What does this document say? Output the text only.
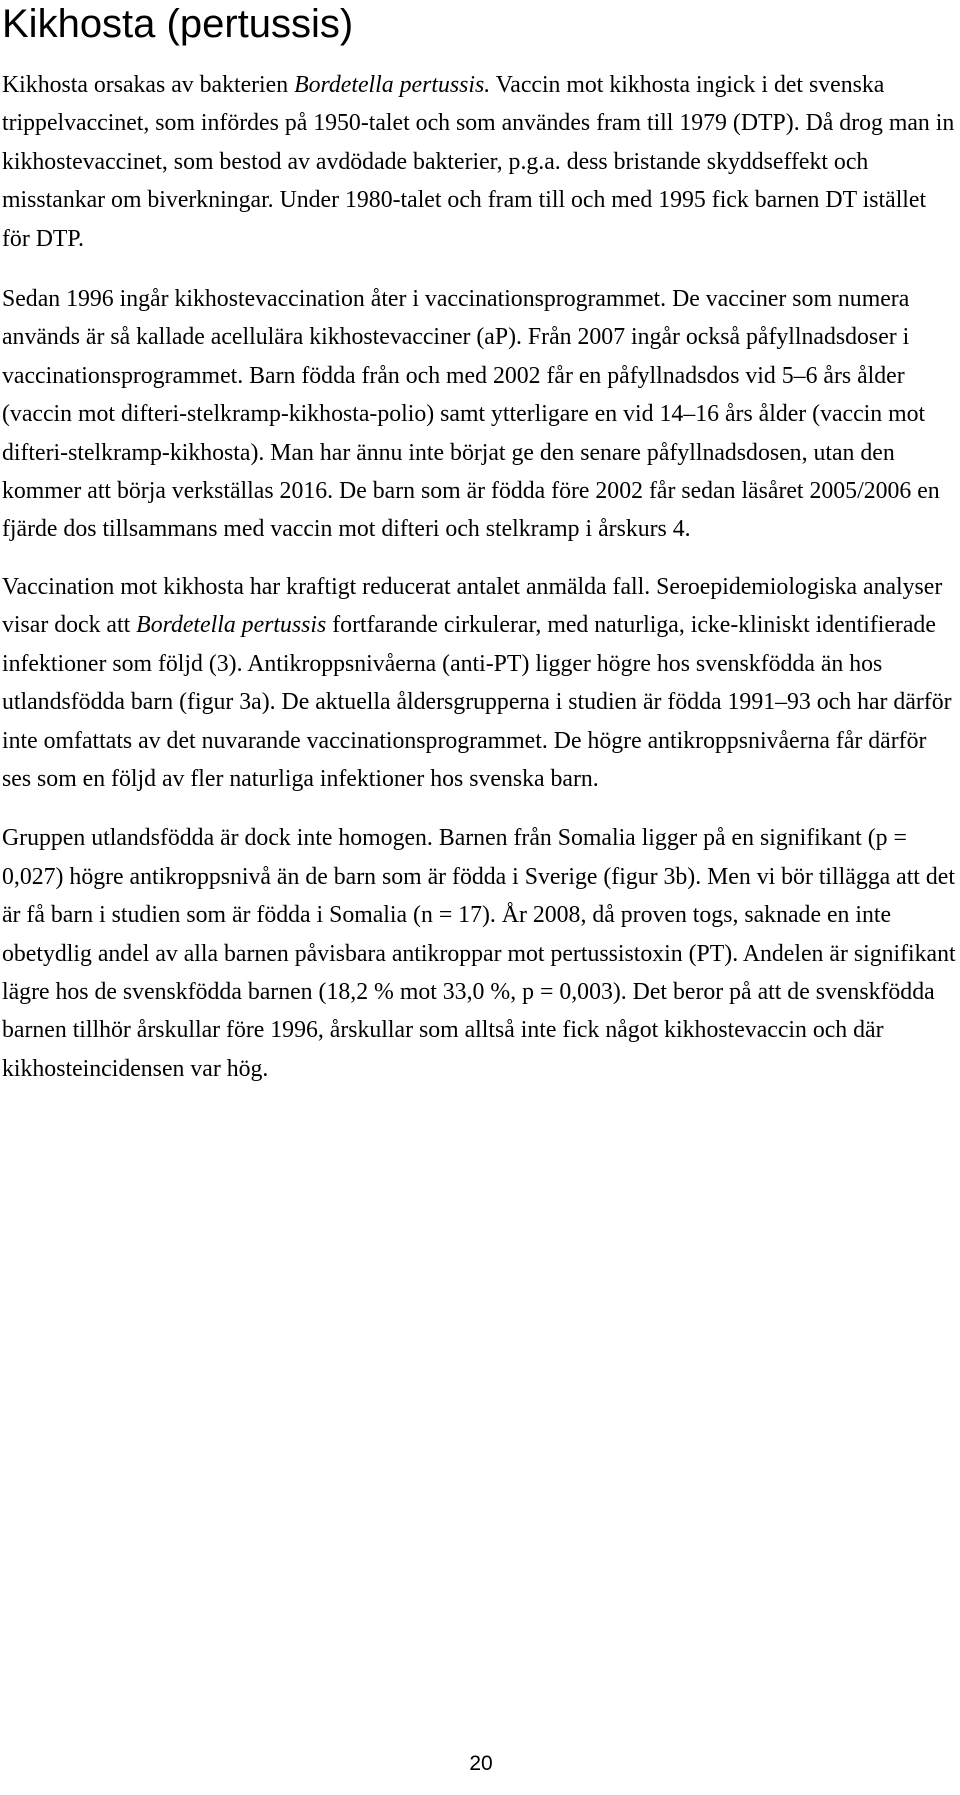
Kikhosta (pertussis)

Kikhosta orsakas av bakterien Bordetella pertussis. Vaccin mot kikhosta ingick i det svenska trippelvaccinet, som infördes på 1950-talet och som användes fram till 1979 (DTP). Då drog man in kikhostevaccinet, som bestod av avdödade bakterier, p.g.a. dess bristande skyddseffekt och misstankar om biverkningar. Under 1980-talet och fram till och med 1995 fick barnen DT istället för DTP.

Sedan 1996 ingår kikhostevaccination åter i vaccinationsprogrammet. De vacciner som numera används är så kallade acellulära kikhostevacciner (aP). Från 2007 ingår också påfyllnadsdoser i vaccinationsprogrammet. Barn födda från och med 2002 får en påfyllnadsdos vid 5–6 års ålder (vaccin mot difteri-stelkramp-kikhosta-polio) samt ytterligare en vid 14–16 års ålder (vaccin mot difteri-stelkramp-kikhosta). Man har ännu inte börjat ge den senare påfyllnadsdosen, utan den kommer att börja verkställas 2016. De barn som är födda före 2002 får sedan läsåret 2005/2006 en fjärde dos tillsammans med vaccin mot difteri och stelkramp i årskurs 4.

Vaccination mot kikhosta har kraftigt reducerat antalet anmälda fall. Seroepidemiologiska analyser visar dock att Bordetella pertussis fortfarande cirkulerar, med naturliga, icke-kliniskt identifierade infektioner som följd (3). Antikroppsnivåerna (anti-PT) ligger högre hos svenskfödda än hos utlandsfödda barn (figur 3a). De aktuella åldersgrupperna i studien är födda 1991–93 och har därför inte omfattats av det nuvarande vaccinationsprogrammet. De högre antikroppsnivåerna får därför ses som en följd av fler naturliga infektioner hos svenska barn.

Gruppen utlandsfödda är dock inte homogen. Barnen från Somalia ligger på en signifikant (p = 0,027) högre antikroppsnivå än de barn som är födda i Sverige (figur 3b). Men vi bör tillägga att det är få barn i studien som är födda i Somalia (n = 17). År 2008, då proven togs, saknade en inte obetydlig andel av alla barnen påvisbara antikroppar mot pertussistoxin (PT). Andelen är signifikant lägre hos de svenskfödda barnen (18,2 % mot 33,0 %, p = 0,003). Det beror på att de svenskfödda barnen tillhör årskullar före 1996, årskullar som alltså inte fick något kikhostevaccin och där kikhosteincidensen var hög.

20
